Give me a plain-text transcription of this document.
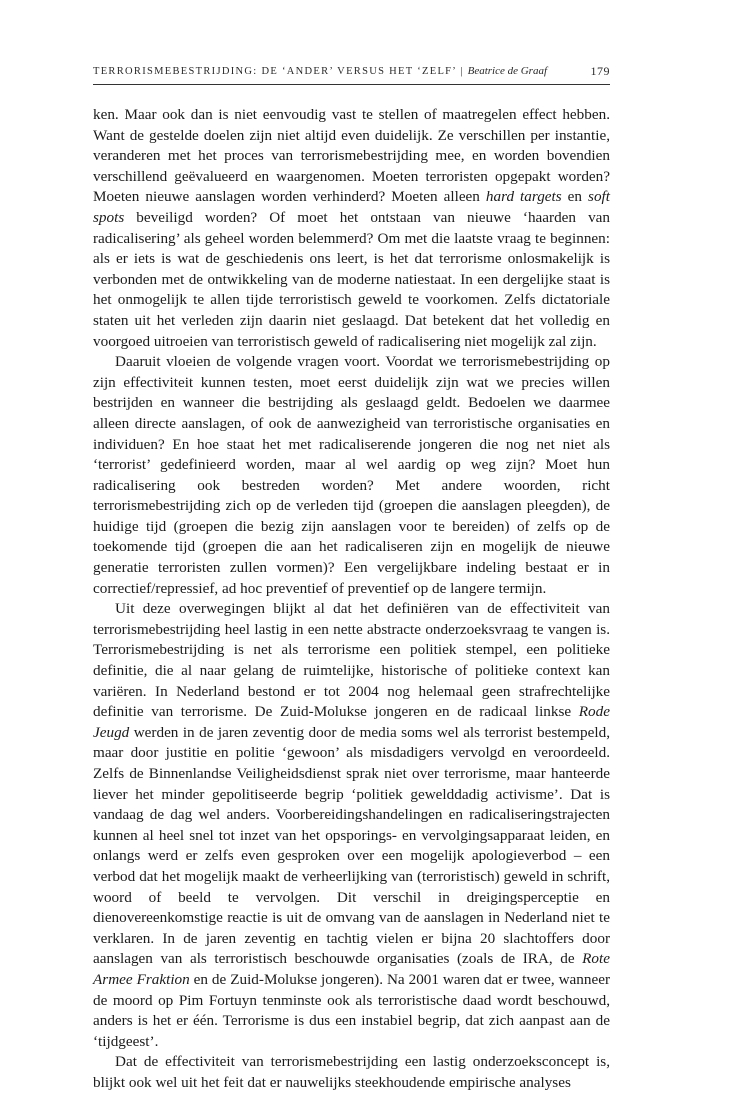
TERRORISMEBESTRIJDING: DE ‘ANDER’ VERSUS HET ‘ZELF’ | Beatrice de Graaf	179

ken. Maar ook dan is niet eenvoudig vast te stellen of maatregelen effect hebben. Want de gestelde doelen zijn niet altijd even duidelijk. Ze verschillen per instantie, veranderen met het proces van terrorismebestrijding mee, en worden bovendien verschillend geëvalueerd en waargenomen. Moeten terroristen opgepakt worden? Moeten nieuwe aanslagen worden verhinderd? Moeten alleen hard targets en soft spots beveiligd worden? Of moet het ontstaan van nieuwe ‘haarden van radicalisering’ als geheel worden belemmerd? Om met die laatste vraag te beginnen: als er iets is wat de geschiedenis ons leert, is het dat terrorisme onlosmakelijk is verbonden met de ontwikkeling van de moderne natiestaat. In een dergelijke staat is het onmogelijk te allen tijde terroristisch geweld te voorkomen. Zelfs dictatoriale staten uit het verleden zijn daarin niet geslaagd. Dat betekent dat het volledig en voorgoed uitroeien van terroristisch geweld of radicalisering niet mogelijk zal zijn.

Daaruit vloeien de volgende vragen voort. Voordat we terrorismebestrijding op zijn effectiviteit kunnen testen, moet eerst duidelijk zijn wat we precies willen bestrijden en wanneer die bestrijding als geslaagd geldt. Bedoelen we daarmee alleen directe aanslagen, of ook de aanwezigheid van terroristische organisaties en individuen? En hoe staat het met radicaliserende jongeren die nog net niet als ‘terrorist’ gedefinieerd worden, maar al wel aardig op weg zijn? Moet hun radicalisering ook bestreden worden? Met andere woorden, richt terrorismebestrijding zich op de verleden tijd (groepen die aanslagen pleegden), de huidige tijd (groepen die bezig zijn aanslagen voor te bereiden) of zelfs op de toekomende tijd (groepen die aan het radicaliseren zijn en mogelijk de nieuwe generatie terroristen zullen vormen)? Een vergelijkbare indeling bestaat er in correctief/repressief, ad hoc preventief of preventief op de langere termijn.

Uit deze overwegingen blijkt al dat het definiëren van de effectiviteit van terrorismebestrijding heel lastig in een nette abstracte onderzoeksvraag te vangen is. Terrorismebestrijding is net als terrorisme een politiek stempel, een politieke definitie, die al naar gelang de ruimtelijke, historische of politieke context kan variëren. In Nederland bestond er tot 2004 nog helemaal geen strafrechtelijke definitie van terrorisme. De Zuid-Molukse jongeren en de radicaal linkse Rode Jeugd werden in de jaren zeventig door de media soms wel als terrorist bestempeld, maar door justitie en politie ‘gewoon’ als misdadigers vervolgd en veroordeeld. Zelfs de Binnenlandse Veiligheidsdienst sprak niet over terrorisme, maar hanteerde liever het minder gepolitiseerde begrip ‘politiek gewelddadig activisme’. Dat is vandaag de dag wel anders. Voorbereidingshandelingen en radicaliseringstrajecten kunnen al heel snel tot inzet van het opsporings- en vervolgingsapparaat leiden, en onlangs werd er zelfs even gesproken over een mogelijk apologieverbod – een verbod dat het mogelijk maakt de verheerlijking van (terroristisch) geweld in schrift, woord of beeld te vervolgen. Dit verschil in dreigingsperceptie en dienovereenkomstige reactie is uit de omvang van de aanslagen in Nederland niet te verklaren. In de jaren zeventig en tachtig vielen er bijna 20 slachtoffers door aanslagen van als terroristisch beschouwde organisaties (zoals de IRA, de Rote Armee Fraktion en de Zuid-Molukse jongeren). Na 2001 waren dat er twee, wanneer de moord op Pim Fortuyn tenminste ook als terroristische daad wordt beschouwd, anders is het er één. Terrorisme is dus een instabiel begrip, dat zich aanpast aan de ‘tijdgeest’.

Dat de effectiviteit van terrorismebestrijding een lastig onderzoeksconcept is, blijkt ook wel uit het feit dat er nauwelijks steekhoudende empirische analyses
